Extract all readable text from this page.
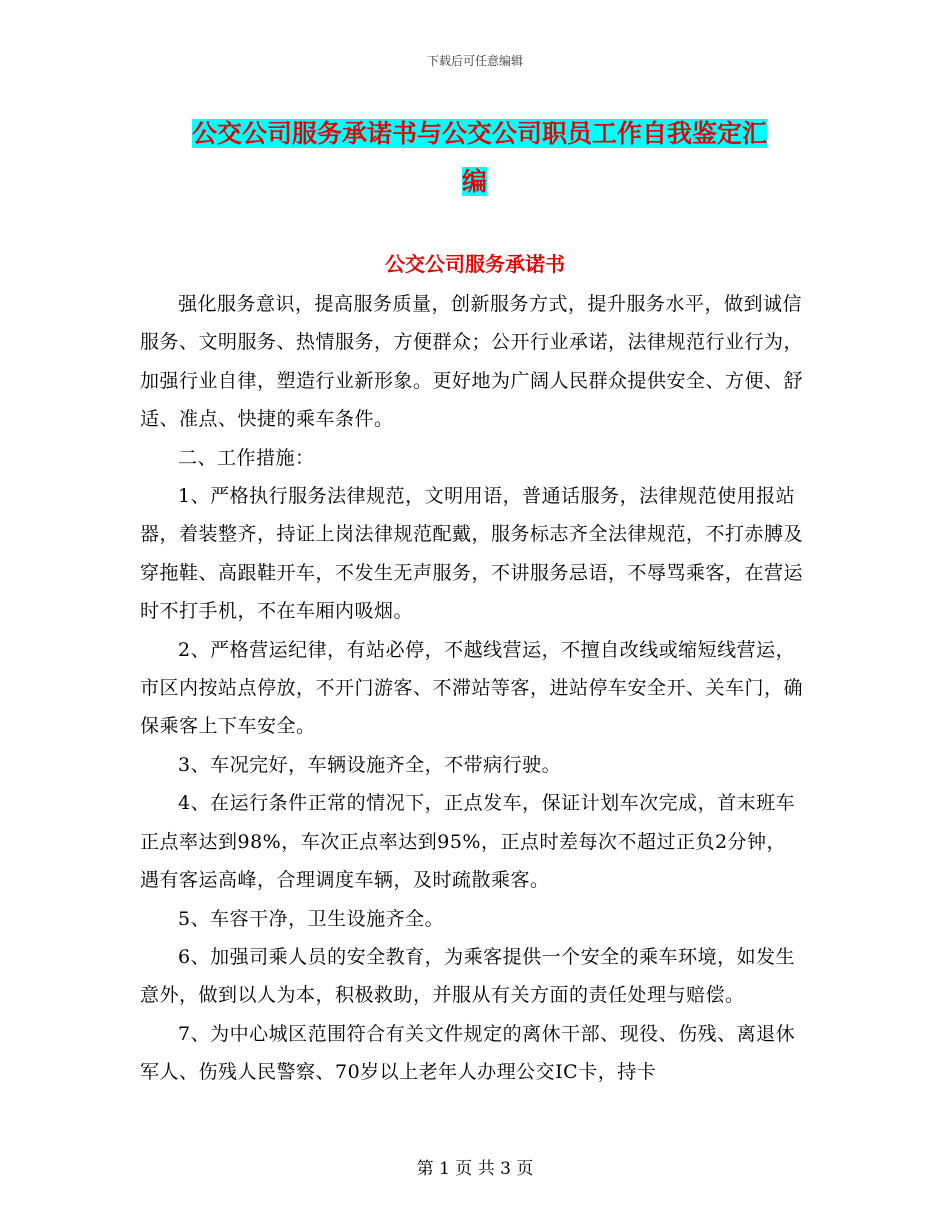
下载后可任意编辑
公交公司服务承诺书与公交公司职员工作自我鉴定汇
编
公交公司服务承诺书

强化服务意识，提高服务质量，创新服务方式，提升服务水平，做到诚信服务、文明服务、热情服务，方便群众；公开行业承诺，法律规范行业行为，加强行业自律，塑造行业新形象。更好地为广阔人民群众提供安全、方便、舒适、准点、快捷的乘车条件。

二、工作措施：

1、严格执行服务法律规范，文明用语，普通话服务，法律规范使用报站器，着装整齐，持证上岗法律规范配戴，服务标志齐全法律规范，不打赤膊及穿拖鞋、高跟鞋开车，不发生无声服务，不讲服务忌语，不辱骂乘客，在营运时不打手机，不在车厢内吸烟。

2、严格营运纪律，有站必停，不越线营运，不擅自改线或缩短线营运，市区内按站点停放，不开门游客、不滞站等客，进站停车安全开、关车门，确保乘客上下车安全。

3、车况完好，车辆设施齐全，不带病行驶。

4、在运行条件正常的情况下，正点发车，保证计划车次完成，首末班车正点率达到98%，车次正点率达到95%，正点时差每次不超过正负2分钟，遇有客运高峰，合理调度车辆，及时疏散乘客。

5、车容干净，卫生设施齐全。

6、加强司乘人员的安全教育，为乘客提供一个安全的乘车环境，如发生意外，做到以人为本，积极救助，并服从有关方面的责任处理与赔偿。

7、为中心城区范围符合有关文件规定的离休干部、现役、伤残、离退休军人、伤残人民警察、70岁以上老年人办理公交IC卡，持卡

第 1 页 共 3 页
